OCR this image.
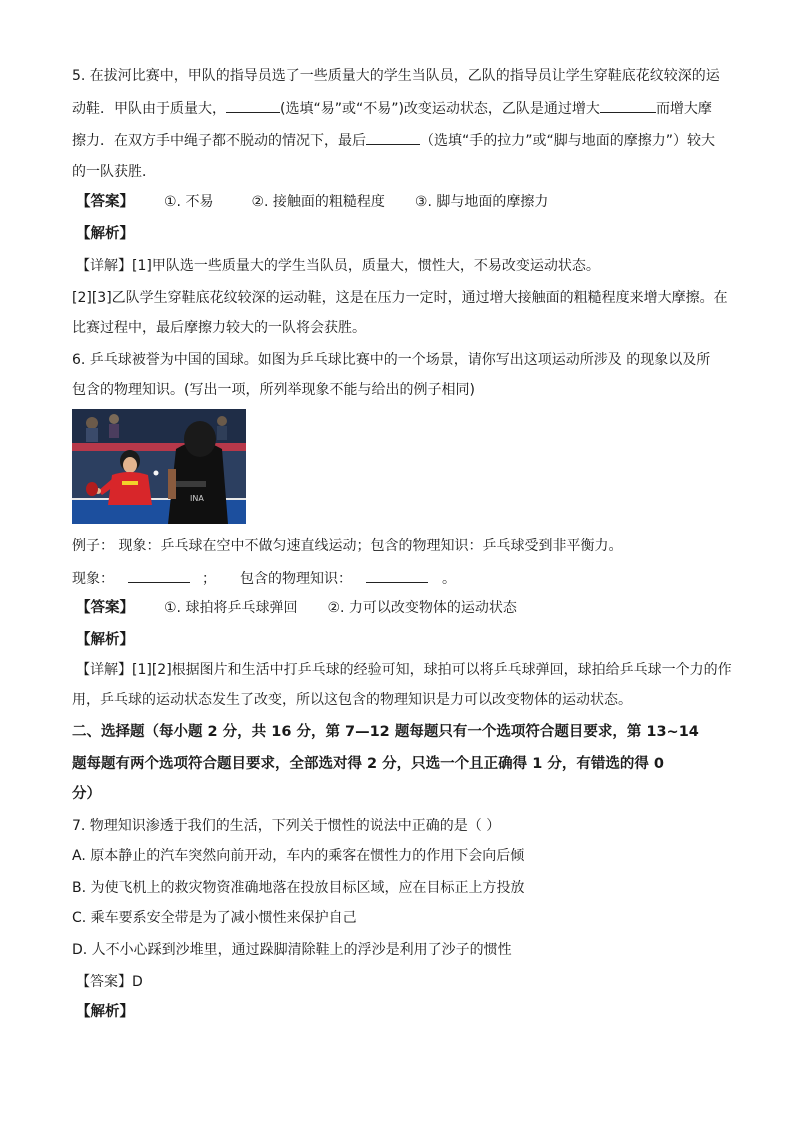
5. 在拔河比赛中，甲队的指导员选了一些质量大的学生当队员，乙队的指导员让学生穿鞋底花纹较深的运
动鞋．甲队由于质量大，	(选填“易”或“不易”)改变运动状态，乙队是通过增大	而增大摩
擦力．在双方手中绳子都不脱动的情况下，最后	（选填“手的拉力”或“脚与地面的摩擦力”）较大
的一队获胜．
【答案】 ①. 不易	②. 接触面的粗糙程度 ③. 脚与地面的摩擦力
【解析】
【详解】[1]甲队选一些质量大的学生当队员，质量大，惯性大，不易改变运动状态。
[2][3]乙队学生穿鞋底花纹较深的运动鞋，这是在压力一定时，通过增大接触面的粗糙程度来增大摩擦。在
比赛过程中，最后摩擦力较大的一队将会获胜。
6. 乒乓球被誉为中国的国球。如图为乒乓球比赛中的一个场景，请你写出这项运动所涉及 的现象以及所
包含的物理知识。(写出一项，所列举现象不能与给出的例子相同)
INA
例子： 现象：乒乓球在空中不做匀速直线运动；包含的物理知识：乒乓球受到非平衡力。
现象：	； 包含的物理知识：	。
【答案】 ①. 球拍将乒乓球弹回 ②. 力可以改变物体的运动状态
【解析】
【详解】[1][2]根据图片和生活中打乒乓球的经验可知，球拍可以将乒乓球弹回，球拍给乒乓球一个力的作
用，乒乓球的运动状态发生了改变，所以这包含的物理知识是力可以改变物体的运动状态。
二、选择题（每小题 2 分，共 16 分，第 7—12 题每题只有一个选项符合题目要求，第 13~14
题每题有两个选项符合题目要求，全部选对得 2 分，只选一个且正确得 1 分，有错选的得 0
分）
7. 物理知识渗透于我们的生活，下列关于惯性的说法中正确的是（ ）
A. 原本静止的汽车突然向前开动，车内的乘客在惯性力的作用下会向后倾
B. 为使飞机上的救灾物资准确地落在投放目标区域，应在目标正上方投放
C. 乘车要系安全带是为了减小惯性来保护自己
D. 人不小心踩到沙堆里，通过跺脚清除鞋上的浮沙是利用了沙子的惯性
【答案】D
【解析】
